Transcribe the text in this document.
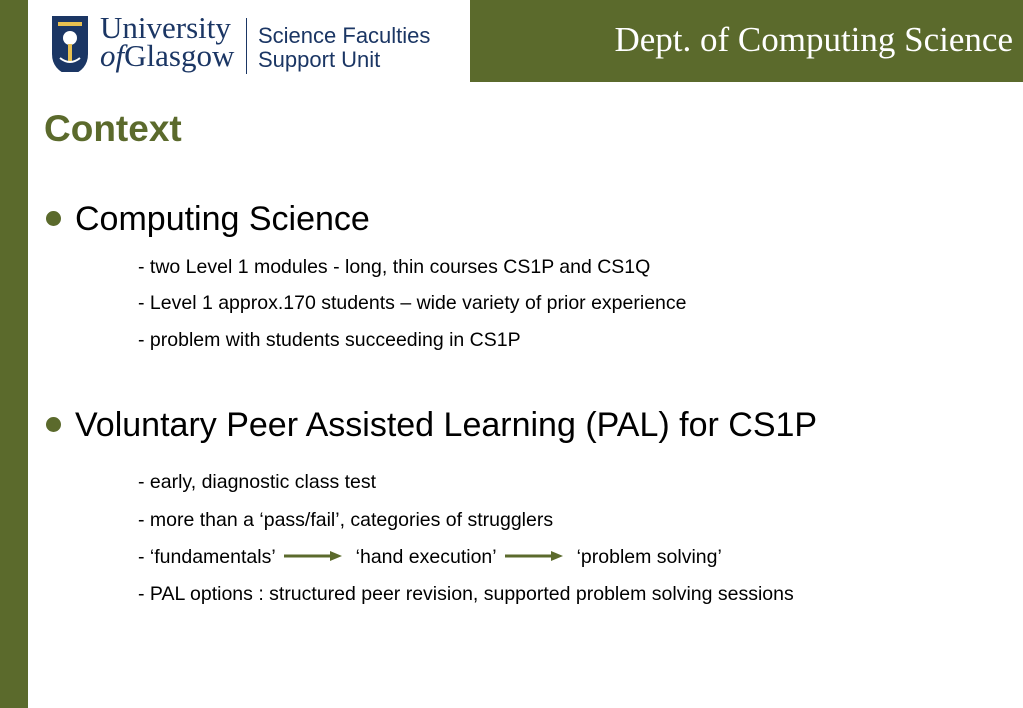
University
ofGlasgow
Science Faculties
Support Unit
Dept. of Computing Science
Context
Computing Science
- two Level 1 modules - long, thin courses CS1P and CS1Q
- Level 1 approx.170 students – wide variety of prior experience
- problem with students succeeding in CS1P
Voluntary Peer Assisted Learning (PAL) for CS1P
- early, diagnostic class test
- more than a ‘pass/fail’, categories of strugglers
- ‘fundamentals’	‘hand execution’	‘problem solving’
- PAL options : structured peer revision, supported problem solving sessions
